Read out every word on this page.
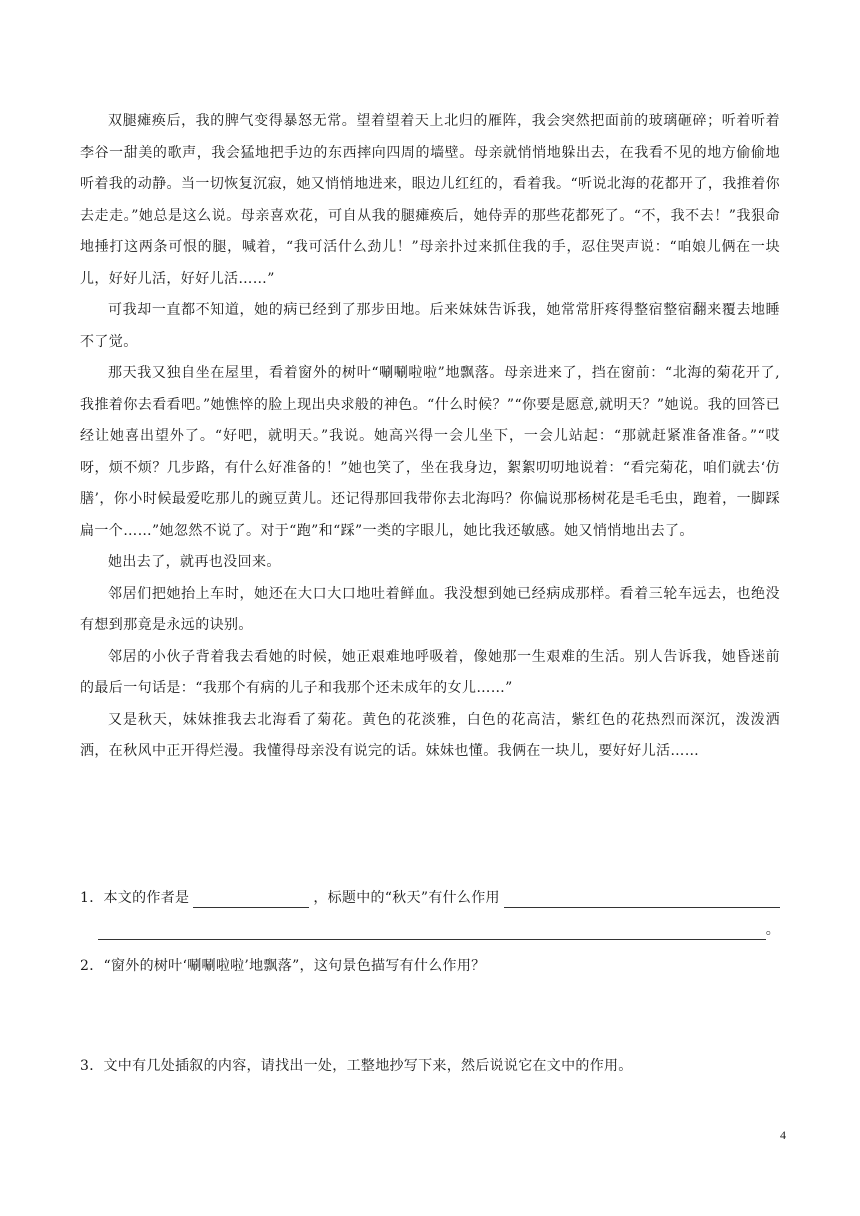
双腿瘫痪后，我的脾气变得暴怒无常。望着望着天上北归的雁阵，我会突然把面前的玻璃砸碎；听着听着李谷一甜美的歌声，我会猛地把手边的东西摔向四周的墙壁。母亲就悄悄地躲出去，在我看不见的地方偷偷地听着我的动静。当一切恢复沉寂，她又悄悄地进来，眼边儿红红的，看着我。“听说北海的花都开了，我推着你去走走。”她总是这么说。母亲喜欢花，可自从我的腿瘫痪后，她侍弄的那些花都死了。“不，我不去！”我狠命地捶打这两条可恨的腿，喊着，“我可活什么劲儿！”母亲扑过来抓住我的手，忍住哭声说：“咱娘儿俩在一块儿，好好儿活，好好儿活……”

可我却一直都不知道，她的病已经到了那步田地。后来妹妹告诉我，她常常肝疼得整宿整宿翻来覆去地睡不了觉。

那天我又独自坐在屋里，看着窗外的树叶“唰唰啦啦”地飘落。母亲进来了，挡在窗前：“北海的菊花开了,我推着你去看看吧。”她憔悴的脸上现出央求般的神色。“什么时候？”“你要是愿意,就明天？”她说。我的回答已经让她喜出望外了。“好吧，就明天。”我说。她高兴得一会儿坐下，一会儿站起：“那就赶紧准备准备。”“哎呀，烦不烦？几步路，有什么好准备的！”她也笑了，坐在我身边，絮絮叨叨地说着：“看完菊花，咱们就去‘仿膳’，你小时候最爱吃那儿的豌豆黄儿。还记得那回我带你去北海吗？你偏说那杨树花是毛毛虫，跑着，一脚踩扁一个……”她忽然不说了。对于“跑”和“踩”一类的字眼儿，她比我还敏感。她又悄悄地出去了。

她出去了，就再也没回来。

邻居们把她抬上车时，她还在大口大口地吐着鲜血。我没想到她已经病成那样。看着三轮车远去，也绝没有想到那竟是永远的诀别。

邻居的小伙子背着我去看她的时候，她正艰难地呼吸着，像她那一生艰难的生活。别人告诉我，她昏迷前的最后一句话是：“我那个有病的儿子和我那个还未成年的女儿……”

又是秋天，妹妹推我去北海看了菊花。黄色的花淡雅，白色的花高洁，紫红色的花热烈而深沉，泼泼洒洒，在秋风中正开得烂漫。我懂得母亲没有说完的话。妹妹也懂。我俩在一块儿，要好好儿活……

1．本文的作者是	，标题中的“秋天”有什么作用
。
2．“窗外的树叶‘唰唰啦啦’地飘落”，这句景色描写有什么作用？
3．文中有几处插叙的内容，请找出一处，工整地抄写下来，然后说说它在文中的作用。
4
